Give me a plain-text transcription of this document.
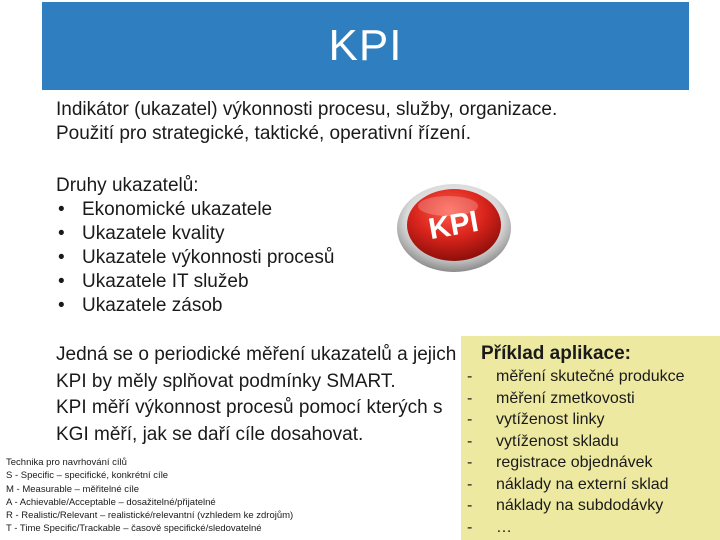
KPI
Indikátor (ukazatel) výkonnosti procesu, služby, organizace.
Použití pro strategické, taktické, operativní řízení.
Druhy ukazatelů:
• Ekonomické ukazatele
• Ukazatele kvality
• Ukazatele výkonnosti procesů
• Ukazatele IT služeb
• Ukazatele zásob
KPI
Jedná se o periodické měření ukazatelů a jejich
KPI by měly splňovat podmínky SMART.
KPI měří výkonnost procesů pomocí kterých s
KGI měří, jak se daří cíle dosahovat.
Technika pro navrhování cílů
S - Specific – specifické, konkrétní cíle
M - Measurable – měřitelné cíle
A - Achievable/Acceptable – dosažitelné/přijatelné
R - Realistic/Relevant – realistické/relevantní (vzhledem ke zdrojům)
T - Time Specific/Trackable – časově specifické/sledovatelné
Příklad aplikace:
- měření skutečné produkce
- měření zmetkovosti
- vytíženost linky
- vytíženost skladu
- registrace objednávek
- náklady na externí sklad
- náklady na subdodávky
- …
